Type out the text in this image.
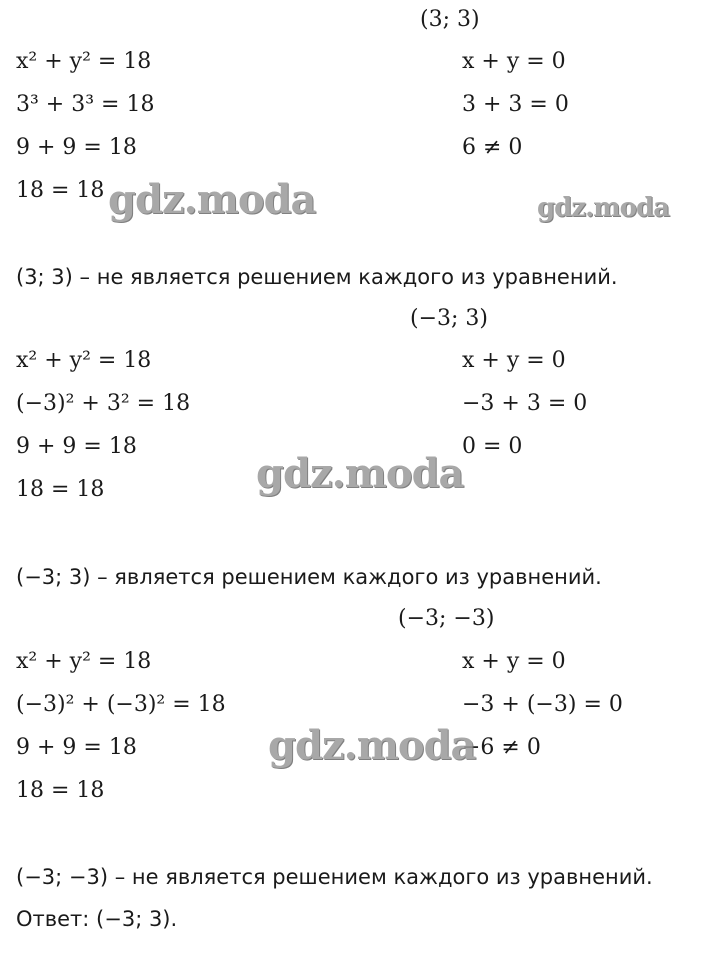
(3; 3)
x² + y² = 18
3³ + 3³ = 18
9 + 9 = 18
18 = 18
x + y = 0
3 + 3 = 0
6 ≠ 0
(3; 3) – не является решением каждого из уравнений.
(−3; 3)
x² + y² = 18
(−3)² + 3² = 18
9 + 9 = 18
18 = 18
x + y = 0
−3 + 3 = 0
0 = 0
(−3; 3) – является решением каждого из уравнений.
(−3; −3)
x² + y² = 18
(−3)² + (−3)² = 18
9 + 9 = 18
18 = 18
x + y = 0
−3 + (−3) = 0
−6 ≠ 0
(−3; −3) – не является решением каждого из уравнений.
Ответ: (−3; 3).
gdz.moda	gdz.moda
gdz.moda
gdz.moda
